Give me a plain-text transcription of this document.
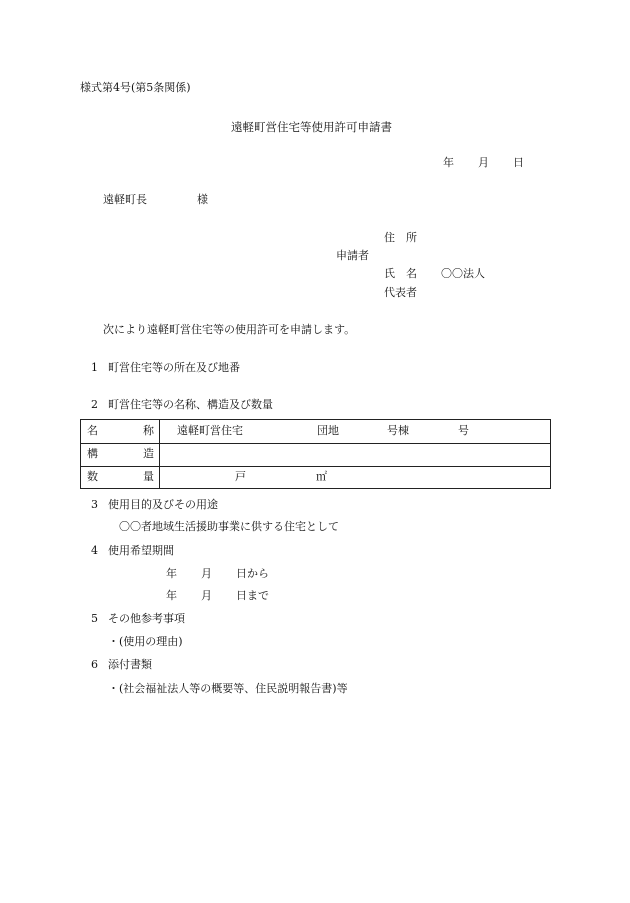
様式第4号(第5条関係)
遠軽町営住宅等使用許可申請書
年 月 日
遠軽町長	様
住　所
申請者
氏　名 〇〇法人
代表者
次により遠軽町営住宅等の使用許可を申請します。
1 町営住宅等の所在及び地番
2 町営住宅等の名称、構造及び数量
名	称 遠軽町営住宅	団地	号棟	号
構	造
数	量	戸	㎡
3 使用目的及びその用途
〇〇者地域生活援助事業に供する住宅として
4 使用希望期間
年 月 日から
年 月 日まで
5 その他参考事項
・(使用の理由)
6 添付書類
・(社会福祉法人等の概要等、住民説明報告書)等
